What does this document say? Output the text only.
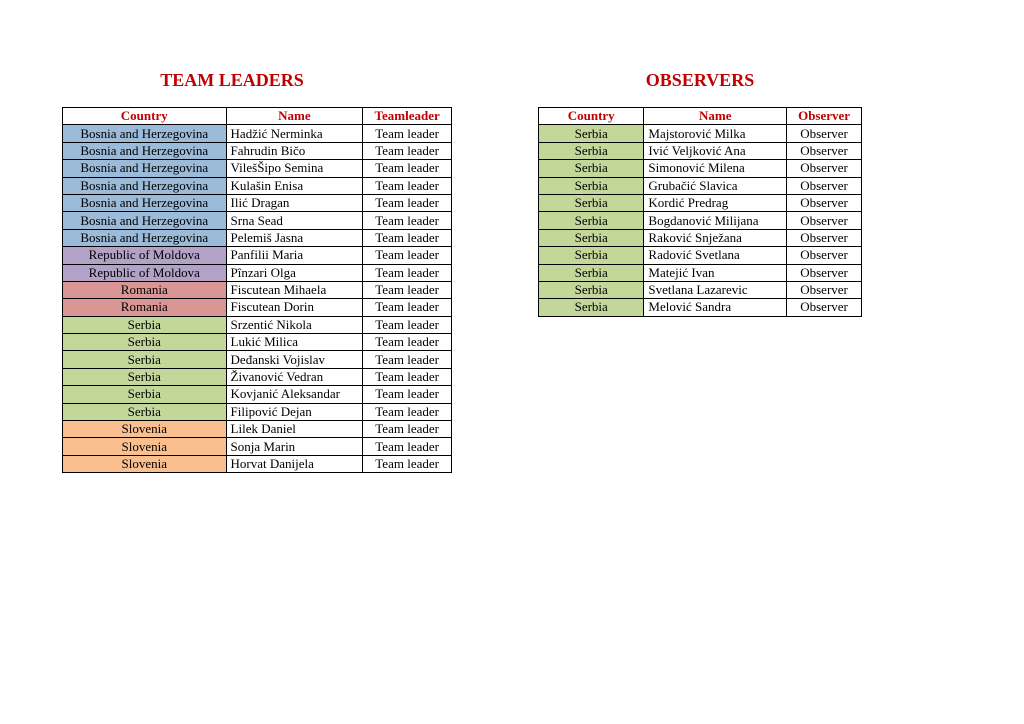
TEAM LEADERS	OBSERVERS
Country	Name	Teamleader
Bosnia and Herzegovina	Hadžić Nerminka	Team leader
Bosnia and Herzegovina	Fahrudin Bičo	Team leader
Bosnia and Herzegovina	VilešŠipo Semina	Team leader
Bosnia and Herzegovina	Kulašin Enisa	Team leader
Bosnia and Herzegovina	Ilić Dragan	Team leader
Bosnia and Herzegovina	Srna Sead	Team leader
Bosnia and Herzegovina	Pelemiš Jasna	Team leader
Republic of Moldova	Panfilii Maria	Team leader
Republic of Moldova	Pînzari Olga	Team leader
Romania	Fiscutean Mihaela	Team leader
Romania	Fiscutean Dorin	Team leader
Serbia	Srzentić Nikola	Team leader
Serbia	Lukić Milica	Team leader
Serbia	Deđanski Vojislav	Team leader
Serbia	Živanović Vedran	Team leader
Serbia	Kovjanić Aleksandar	Team leader
Serbia	Filipović Dejan	Team leader
Slovenia	Lilek Daniel	Team leader
Slovenia	Sonja Marin	Team leader
Slovenia	Horvat Danijela	Team leader
Country	Name	Observer
Serbia	Majstorović Milka	Observer
Serbia	Ivić Veljković Ana	Observer
Serbia	Simonović Milena	Observer
Serbia	Grubačić Slavica	Observer
Serbia	Kordić Predrag	Observer
Serbia	Bogdanović Milijana	Observer
Serbia	Raković Snježana	Observer
Serbia	Radović Svetlana	Observer
Serbia	Matejić Ivan	Observer
Serbia	Svetlana Lazarevic	Observer
Serbia	Melović Sandra	Observer
